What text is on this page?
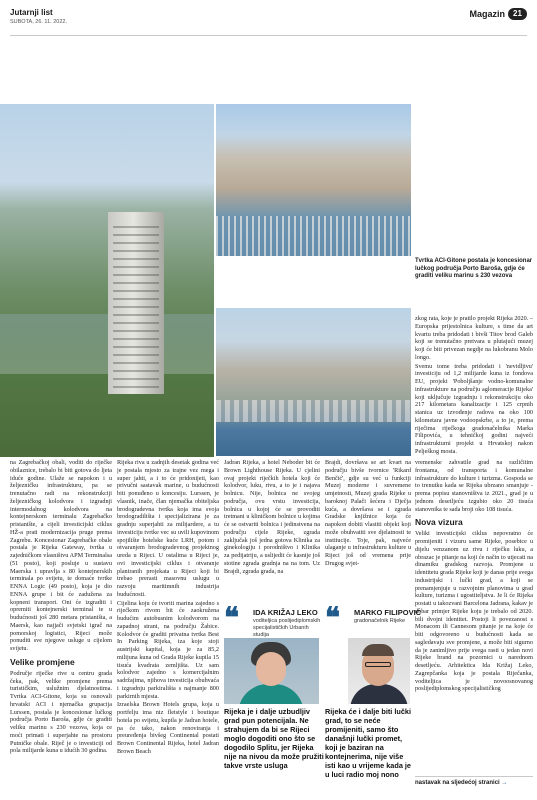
Jutarnji list
SUBOTA, 26. 11. 2022.
Magazin	21
Tvrtka ACI-Gitone postala je koncesionar lučkog područja Porto Baroša, gdje će graditi veliku marinu s 230 vezova

zkog rata, koje je pratilo projekt Rijeka 2020. – Europska prijestolnica kulture, s time da art kvartu treba pridodati i bivši Titov brod Galeb koji se trenutačno pretvara u plutajući muzej koji će biti privezan negdje na lukobranu Molo longo.

Svemu tome treba pridodati i 'nevidljivu' investiciju od 1,2 milijarde kuna iz fondova EU, projekt 'Poboljšanje vodno-komunalne infrastrukture na području aglomeracije Rijeka' koji uključuje izgradnju i rekonstrukciju oko 217 kilometara kanalizacije i 125 crpnih stanica uz izvođenje radova na oko 100 kilometara javne vodoopskrbe, a to je, prema riječima riječkoga gradonačelnika Marka Filipovića, u tehničkoj godini najveći infrastrukturni projekt u Hrvatskoj nakon Pelješkog mosta.

na Zagrebačkoj obali, voditi do riječke obilaznice, trebalo bi biti gotova do ljeta iduće godine. Ulaže se napokon i u željezničku infrastrukturu, pa se trenutačno radi na rekonstrukciji željezničkog kolodvora i izgradnji intermodalnog kolodvora na kontejnerskom terminalu Zagrebačko pristanište, a cijeli investicijski ciklus HŽ-a prati modernizacija pruge prema Zagrebu. Koncesionar Zagrebačke obale postala je Rijeka Gateway, tvrtka u zajedničkom vlasništvu APM Terminalsa (51 posto), koji posluje u sustavu Maerska i upravlja s 80 kontejnerskih terminala po svijetu, te domaće tvrtke ENNA Logic (49 posto), koja je dio ENNA grupe i bit će zadužena za kopneni transport. Oni će izgraditi i opremiti kontejnerski terminal te u budućnosti još 280 metara pristaništa, a Maersk, kao najjači svjetski igrač na pomorskoj logistici, Rijeci može ponuditi sve njegove usluge u cijelom svijetu.

Velike promjene

Područje riječke rive u centru grada čeka, pak, velike promjene prema turističkim, uslužnim djelatnostima. Tvrtka ACI-Gitone, koja su osnovali hrvatski ACI i njemačka grupacija Lurssen, postala je koncesionar lučkog područja Porto Baroša, gdje će graditi veliku marinu s 230 vezova, koja ce moći primati i superjahte na prostoru Putničke obale. Riječ je o investiciji od pola milijarde kuna u idućih 30 godina.

Rijeka riva u zadnjih desetak godina već je postala mjesto za trajne vez mega i super jahti, a i to će pridonijeti, kao privučni sastavak marine, u budućnosti biti ponuđeno u koncesiju. Lurssen, je vlasnik, inače, član njemačka obiteljska brodogradevna tvrtka koja ima svoja brodogradilišta i specijalizirana je za gradnju superjahti za milijardere, a tu investiciju tvrtke vec su uvili kupovinom spojilište hotelske kuće LRH, potom i otvaranjem brodogradevnog projektnog ureda u Rijeci. U ostalima u Rijeci je, ovi investicijski ciklus i otvaranje planiranih projekata u Rijeci koji bi trebao prerasti masovnu uslugu u razvoju maritimnih industrija budućnosti.

Cijelina koju će tvoriti marina zajedno s riječkom rivom bit će zaokružena budućim autobusnim kolodvorom na zapadnoj strani, na području Žabice. Kolodvor će graditi privatna tvrtka Best In Parking Rijeka, iza koje stoji austrijski kapital, koja je za 85,2 milijuna kuna od Grada Rijeke kupila 15 tisuća kvadrata zemljišta. Uz sam kolodvor zajedno s komercijalnim sadržajima, njihova investicija obuhvaća i izgradnju parkirališta s najmanje 800 parkirnih mjesta.

Izraelska Brown Hotels grupa, koja u portfelju ima niz fletstyle i boutique hotela po svijetu, kupila je Jadran hotele, pa će tako, nakon renoviranja i preuređenja bivšeg Continental postati Brown Continental Rijeka, hotel Jadran Brown Beach

Jadran Rijeka, a hotel Neboder bit će Brown Lighthouse Rijeka. U cjelini ovaj projekt riječkih hotela koji će kolodvor, luku, rivu, a to je i najava bolnicu. Nije, bolnica ne svojeg područja, ovu vrstu investicija, bolnica u kojoj će se provoditi tretmani u kliničkom bolnice u kojima će se ostvariti bolnica i jedinstvena na području cijele Rijeke, zgrada zaključak još jedna gotova Klinika za ginekologiju i porodništvo i Klinika za pedijatriju, a uslijedit će kasnije još stotine zgrada gradnja na na tom. Uz Brajdi, zgrada grada, na

Brajdi, dovršava se art kvart na području bivše tvornice 'Rikard Benčić', gdje su već u funkciji Muzej moderne i suvremene umjetnosti, Muzej grada Rijeke u baroknoj Palači šećera i Dječja kuća, a dovršava se i zgrada Gradske knjižnice koja će napokon dobiti vlastiti objekt koji može obuhvatiti sve djelatnosti te institucije. Toje, pak, najveće ulaganje u infrastrukturu kulture u Rijeci još od vremena prije Drugog svjet-

vremenske zahvatile grad na različitim frontama, od transporta i komunalne infrastrukture do kulture i turizma. Gospoda se to trenutku kada se Rijeka ubrzano smanjuje - prema popisu stanovništva iz 2021., grad je u jednom desetljeću izgubio oko 20 tisuća stanovnika te sada broji oko 108 tisuća.

Nova vizura

Veliki investicijski ciklus nepovratno će promijeniti i vizuru same Rijeke, posebice u dijelu venzanom uz rivu i riječku luku, a obrazac je pitanje na koji će način to utjecati na dinamiku gradskog razvoja. Promjene u identitetu grada Rijeke koji je danas prije svega industrijski i lučki grad, a koji se prenamjenjuje u razvojnim planovima u grad kulture, turizma i ugostiteljstva. Je li će Rijeka postati u takozvani Barcelona Jadrana, kakav je dobar primjer Rijeke koju je trebalo od 2020. bili dvojni identitet. Postoji li povezanost s Monacom ili Cannesom pitanje je na koje će biti odgovoreno u budućnosti kada se sagledavaju sve promjene, a može biti sigurno da je zanimljivo prije svega rasti u jedan novi Rijeke brand na pozornici u narednom desetljeću. Arhitektica Ida Križaj Leko, Zagrepčanka koja je postala Riječanka, voditeljica je novoosnovanog poslijediplomskog specijalističkog

❝ IDA KRIŽAJ LEKO
voditeljica poslijediplomskih specijalističkih Urbanih studija
Rijeka je i dalje uzbudljiv grad pun potencijala. Ne strahujem da bi se Rijeci moglo dogoditi ono što se dogodilo Splitu, jer Rijeka nije na nivou da može pružiti takve vrste usluga
❝ MARKO FILIPOVIĆ
gradonačelnik Rijeke
Rijeka će i dalje biti lučki grad, to se neće promijeniti, samo što današnji lučki promet, koji je baziran na kontejnerima, nije više isti kao u vrijeme kada je u luci radio moj nono
nastavak na sljedećoj stranici →
